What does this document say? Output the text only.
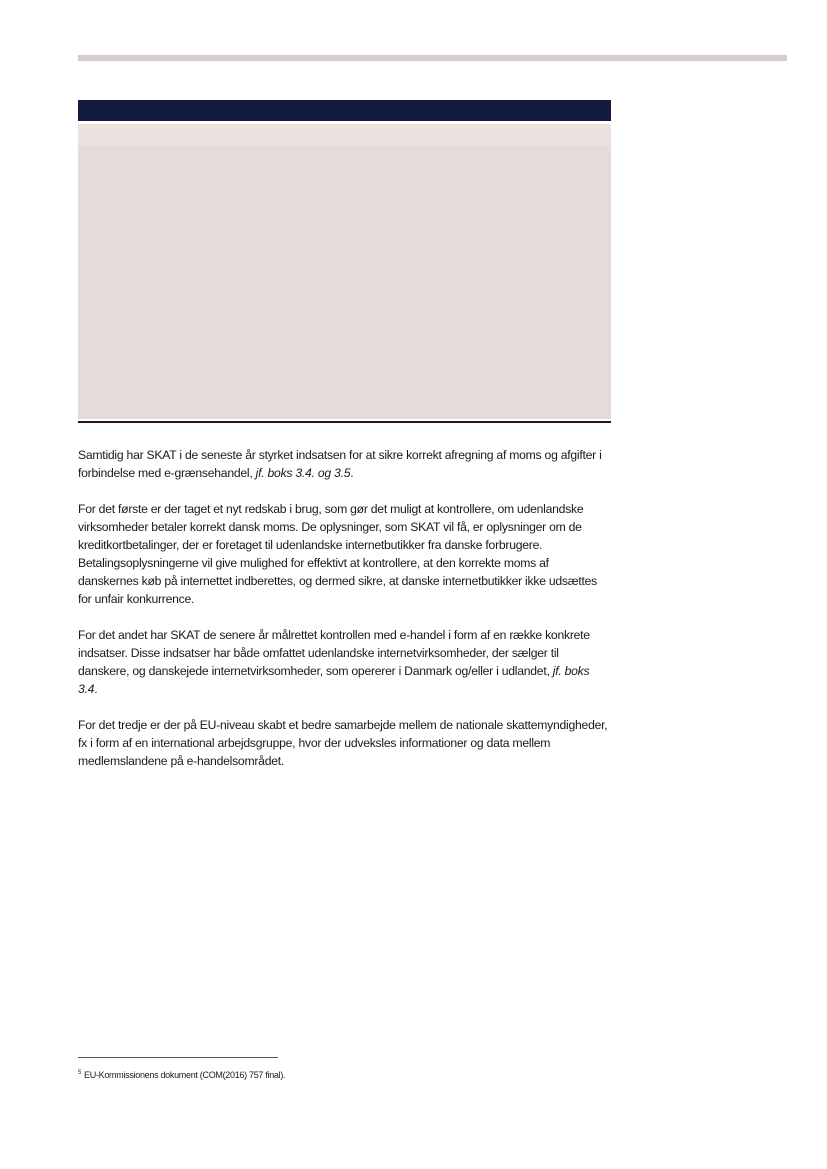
Samtidig har SKAT i de seneste år styrket indsatsen for at sikre korrekt afregning af moms og afgifter i forbindelse med e-grænsehandel, jf. boks 3.4. og 3.5.

For det første er der taget et nyt redskab i brug, som gør det muligt at kontrollere, om udenlandske virksomheder betaler korrekt dansk moms. De oplysninger, som SKAT vil få, er oplysninger om de kreditkortbetalinger, der er foretaget til udenlandske internetbutikker fra danske forbrugere. Betalingsoplysningerne vil give mulighed for effektivt at kontrollere, at den korrekte moms af danskernes køb på internettet indberettes, og dermed sikre, at danske internetbutikker ikke udsættes for unfair konkurrence.

For det andet har SKAT de senere år målrettet kontrollen med e-handel i form af en række konkrete indsatser. Disse indsatser har både omfattet udenlandske internetvirksomheder, der sælger til danskere, og danskejede internetvirksomheder, som opererer i Danmark og/eller i udlandet, jf. boks 3.4.

For det tredje er der på EU-niveau skabt et bedre samarbejde mellem de nationale skattemyndigheder, fx i form af en international arbejdsgruppe, hvor der udveksles informationer og data mellem medlemslandene på e-handelsområdet.

$^5$ EU-Kommissionens dokument (COM(2016) 757 final).
